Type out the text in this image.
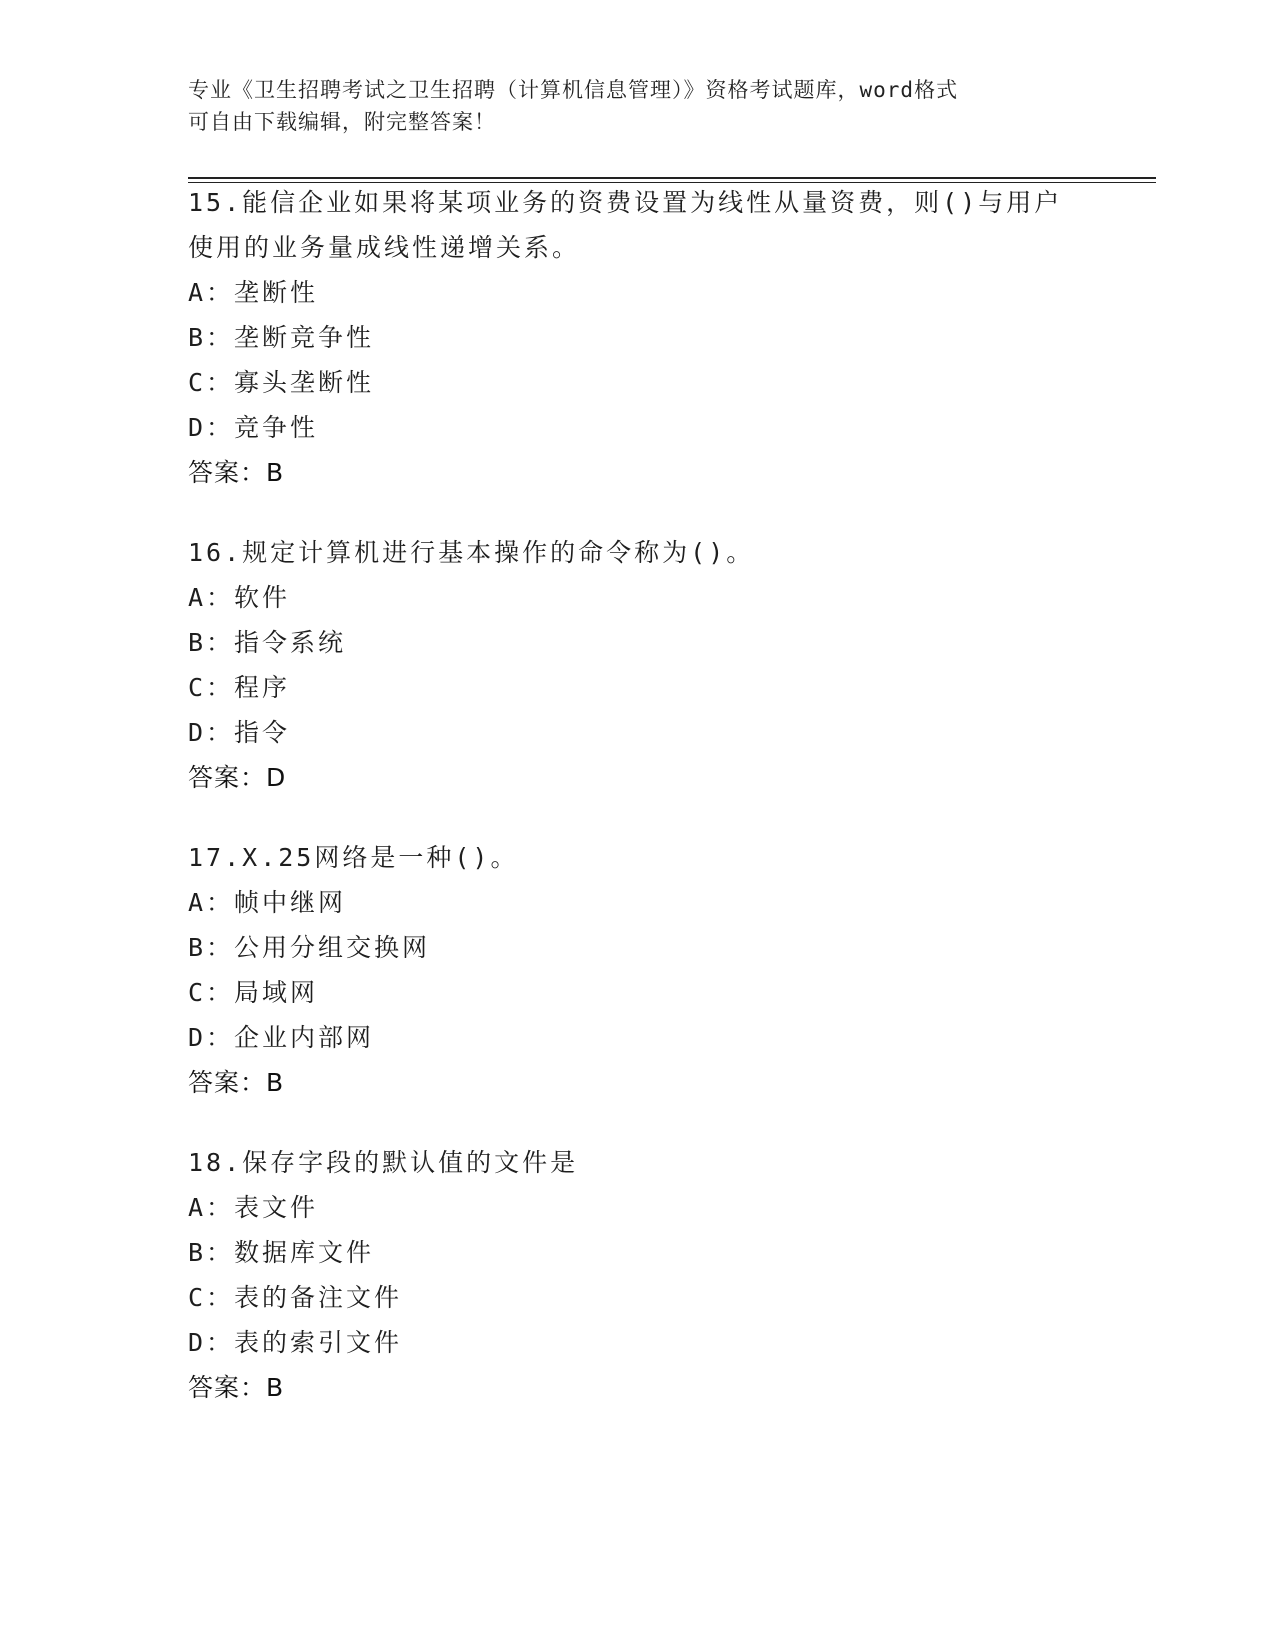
专业《卫生招聘考试之卫生招聘（计算机信息管理）》资格考试题库，word格式
可自由下载编辑，附完整答案！
15.能信企业如果将某项业务的资费设置为线性从量资费，则()与用户
使用的业务量成线性递增关系。
A：垄断性
B：垄断竞争性
C：寡头垄断性
D：竞争性
答案：B
16.规定计算机进行基本操作的命令称为()。
A：软件
B：指令系统
C：程序
D：指令
答案：D
17.X.25网络是一种()。
A：帧中继网
B：公用分组交换网
C：局域网
D：企业内部网
答案：B
18.保存字段的默认值的文件是
A：表文件
B：数据库文件
C：表的备注文件
D：表的索引文件
答案：B
